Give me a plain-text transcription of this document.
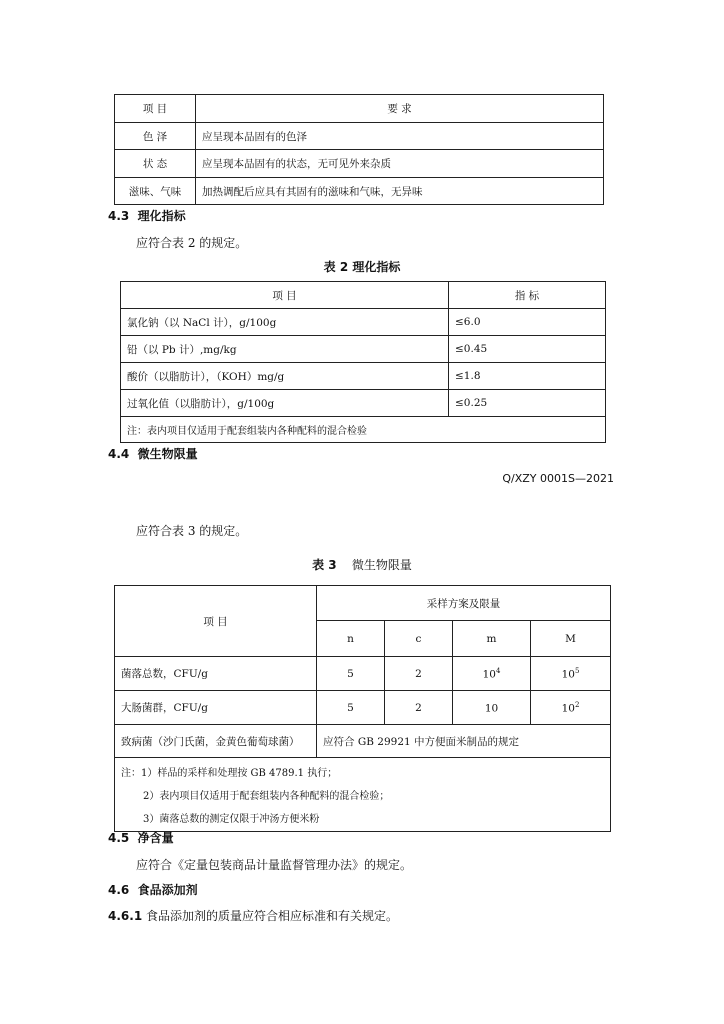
项 目	要 求
色 泽	应呈现本品固有的色泽
状 态	应呈现本品固有的状态，无可见外来杂质
滋味、气味	加热调配后应具有其固有的滋味和气味，无异味
4.3 理化指标
应符合表 2 的规定。
表 2 理化指标
项 目	指 标
氯化钠（以 NaCl 计），g/100g	≤6.0
铅（以 Pb 计）,mg/kg	≤0.45
酸价（以脂肪计），（KOH）mg/g	≤1.8
过氧化值（以脂肪计），g/100g	≤0.25
注：表内项目仅适用于配套组装内各种配料的混合检验	
4.4 微生物限量
Q/XZY 0001S—2021
应符合表 3 的规定。
表 3 微生物限量
项 目	采样方案及限量			
	n	c	m	M
菌落总数，CFU/g	5	2	$10^4$	$10^5$
大肠菌群，CFU/g	5	2	10	$10^2$
致病菌（沙门氏菌，金黄色葡萄球菌）	应符合 GB 29921 中方便面米制品的规定			

注：1）样品的采样和处理按 GB 4789.1 执行；
2）表内项目仅适用于配套组装内各种配料的混合检验；
3）菌落总数的测定仅限于冲汤方便米粉				
4.5 净含量
应符合《定量包装商品计量监督管理办法》的规定。
4.6 食品添加剂
4.6.1 食品添加剂的质量应符合相应标准和有关规定。
